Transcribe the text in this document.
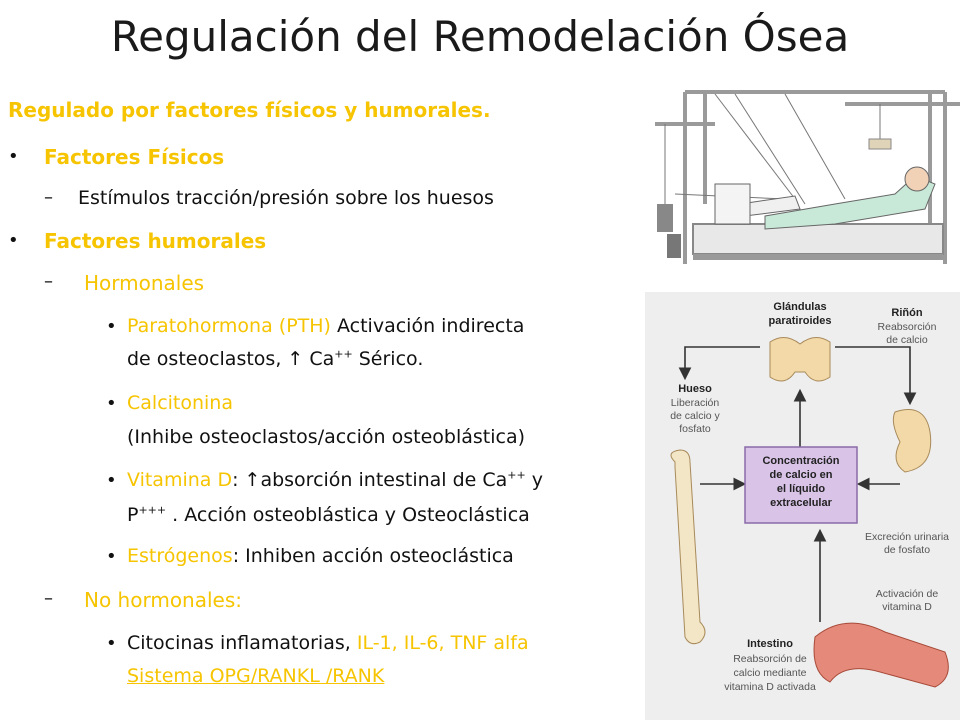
Regulación del Remodelación Ósea
Regulado por factores físicos y humorales.
• Factores Físicos
– Estímulos tracción/presión sobre los huesos
• Factores humorales
– Hormonales
• Paratohormona (PTH) Activación indirecta
de osteoclastos, ↑ Ca++ Sérico.
• Calcitonina
(Inhibe osteoclastos/acción osteoblástica)
• Vitamina D: ↑absorción intestinal de Ca++ y
P+++ . Acción osteoblástica y Osteoclástica
• Estrógenos: Inhiben acción osteoclástica
– No hormonales:
• Citocinas inflamatorias, IL-1, IL-6, TNF alfa
Sistema OPG/RANKL /RANK
Glándulas
paratiroides
Riñón
Reabsorción
de calcio
Hueso
Liberación
de calcio y
fosfato
Concentración
de calcio en
el líquido
extracelular
Excreción urinaria
de fosfato
Activación de
vitamina D
Intestino
Reabsorción de
calcio mediante
vitamina D activada
